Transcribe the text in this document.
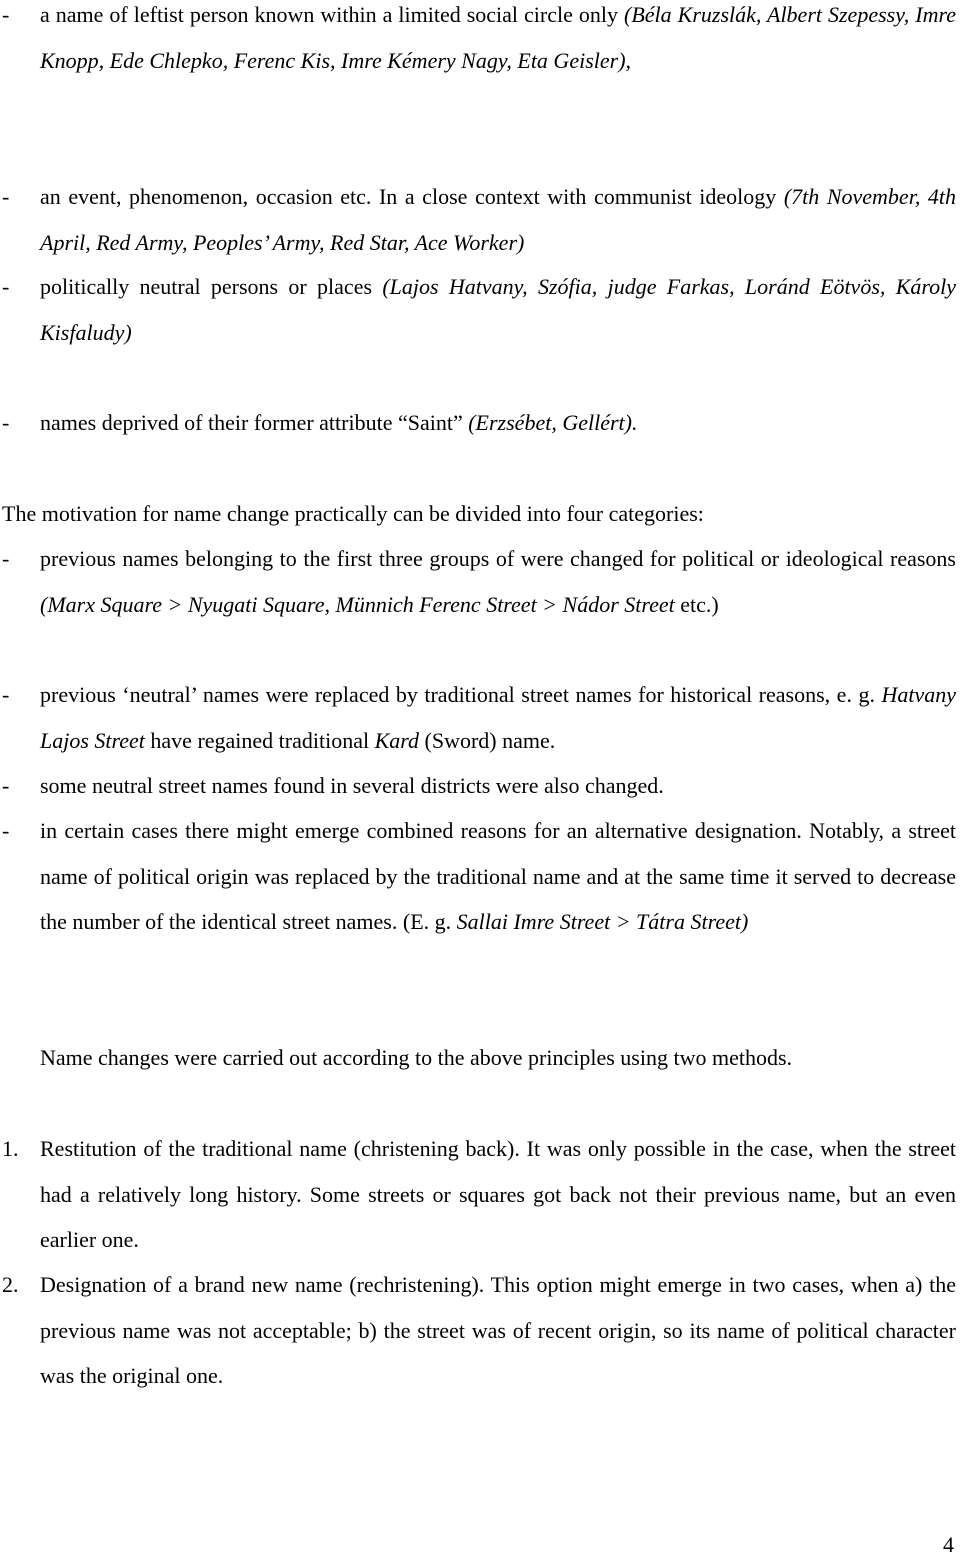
- a name of leftist person known within a limited social circle only (Béla Kruzslák, Albert Szepessy, Imre Knopp, Ede Chlepko, Ferenc Kis, Imre Kémery Nagy, Eta Geisler),
- an event, phenomenon, occasion etc. In a close context with communist ideology (7th November, 4th April, Red Army, Peoples’ Army, Red Star, Ace Worker)
- politically neutral persons or places (Lajos Hatvany, Szófia, judge Farkas, Loránd Eötvös, Károly Kisfaludy)
- names deprived of their former attribute “Saint” (Erzsébet, Gellért).
The motivation for name change practically can be divided into four categories:
- previous names belonging to the first three groups of were changed for political or ideological reasons (Marx Square > Nyugati Square, Münnich Ferenc Street > Nádor Street etc.)
- previous ‘neutral’ names were replaced by traditional street names for historical reasons, e. g. Hatvany Lajos Street have regained traditional Kard (Sword) name.
- some neutral street names found in several districts were also changed.
- in certain cases there might emerge combined reasons for an alternative designation. Notably, a street name of political origin was replaced by the traditional name and at the same time it served to decrease the number of the identical street names. (E. g. Sallai Imre Street > Tátra Street)
Name changes were carried out according to the above principles using two methods.
1. Restitution of the traditional name (christening back). It was only possible in the case, when the street had a relatively long history. Some streets or squares got back not their previous name, but an even earlier one.
2. Designation of a brand new name (rechristening). This option might emerge in two cases, when a) the previous name was not acceptable; b) the street was of recent origin, so its name of political character was the original one.
4
